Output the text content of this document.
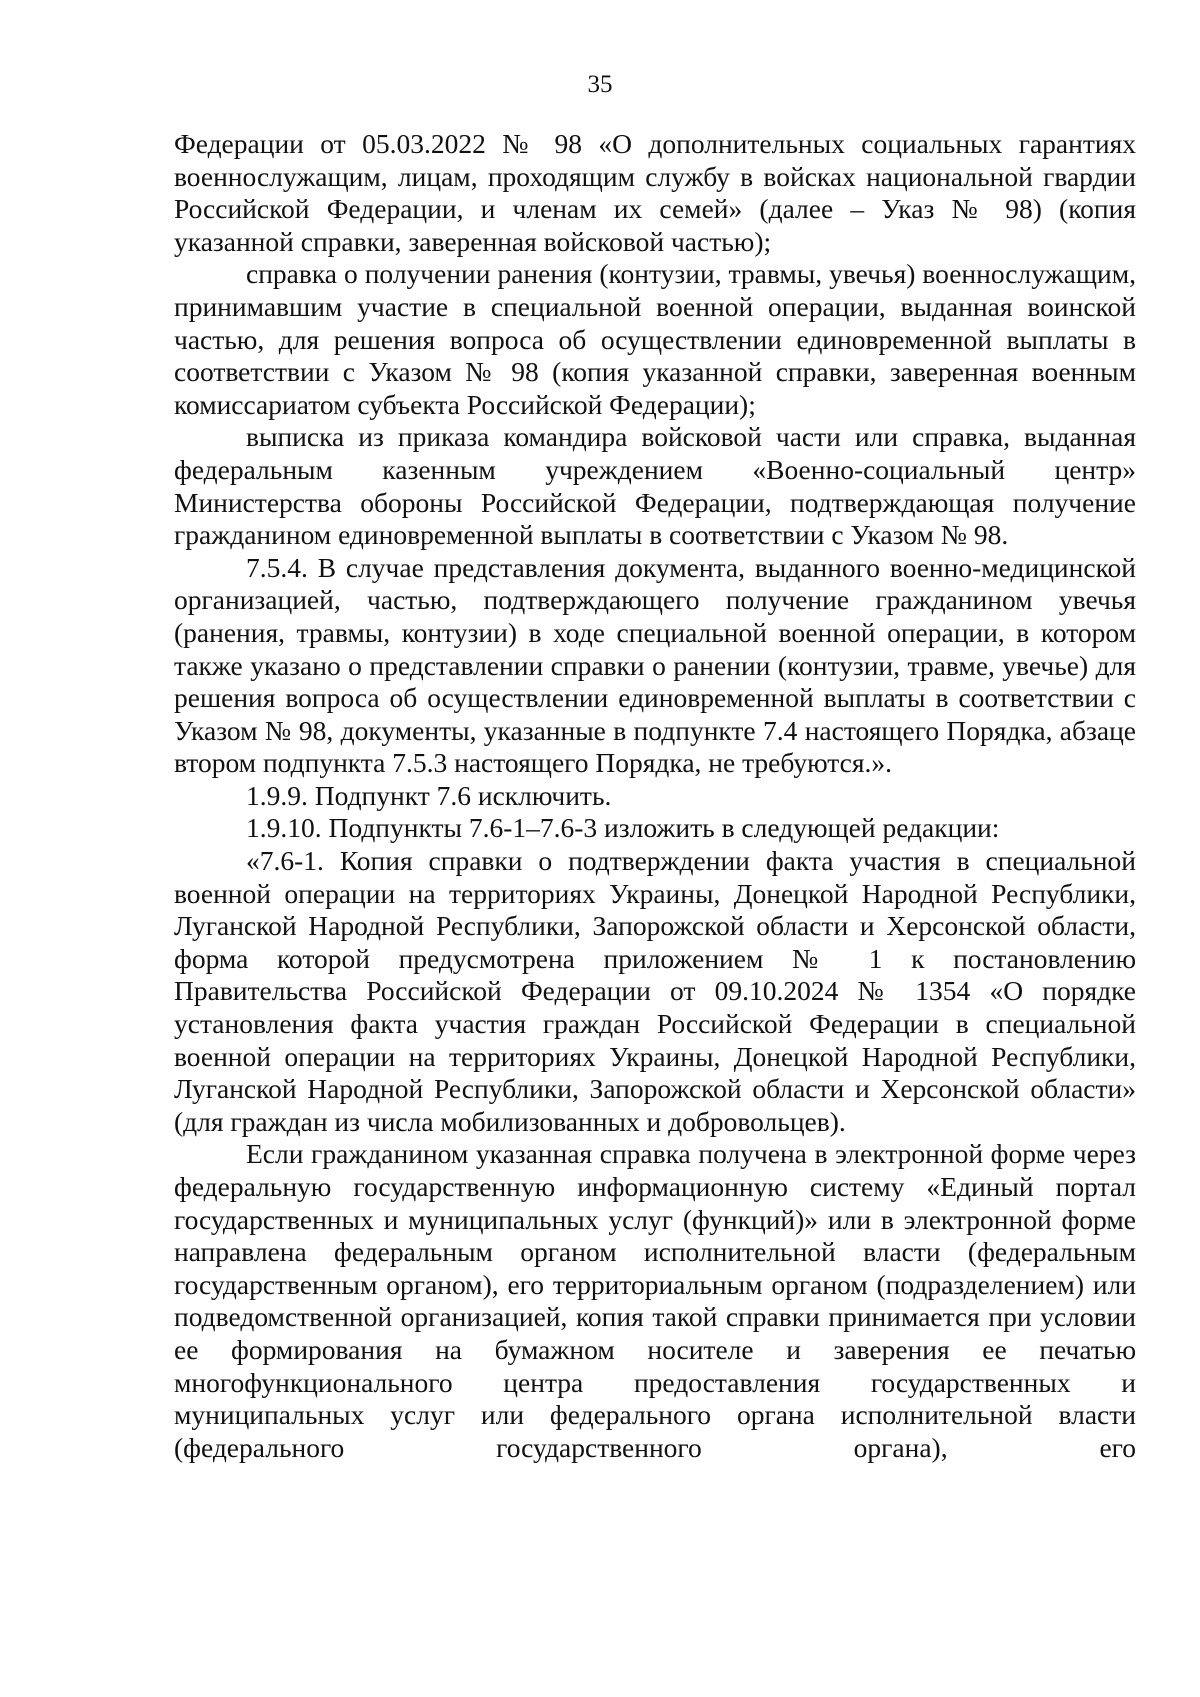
35

Федерации от 05.03.2022 № 98 «О дополнительных социальных гарантиях военнослужащим, лицам, проходящим службу в войсках национальной гвардии Российской Федерации, и членам их семей» (далее – Указ № 98) (копия указанной справки, заверенная войсковой частью);

справка о получении ранения (контузии, травмы, увечья) военнослужащим, принимавшим участие в специальной военной операции, выданная воинской частью, для решения вопроса об осуществлении единовременной выплаты в соответствии с Указом № 98 (копия указанной справки, заверенная военным комиссариатом субъекта Российской Федерации);

выписка из приказа командира войсковой части или справка, выданная федеральным казенным учреждением «Военно-социальный центр» Министерства обороны Российской Федерации, подтверждающая получение гражданином единовременной выплаты в соответствии с Указом № 98.

7.5.4. В случае представления документа, выданного военно-медицинской организацией, частью, подтверждающего получение гражданином увечья (ранения, травмы, контузии) в ходе специальной военной операции, в котором также указано о представлении справки о ранении (контузии, травме, увечье) для решения вопроса об осуществлении единовременной выплаты в соответствии с Указом № 98, документы, указанные в подпункте 7.4 настоящего Порядка, абзаце втором подпункта 7.5.3 настоящего Порядка, не требуются.».

1.9.9. Подпункт 7.6 исключить.

1.9.10. Подпункты 7.6-1–7.6-3 изложить в следующей редакции:

«7.6-1. Копия справки о подтверждении факта участия в специальной военной операции на территориях Украины, Донецкой Народной Республики, Луганской Народной Республики, Запорожской области и Херсонской области, форма которой предусмотрена приложением № 1 к постановлению Правительства Российской Федерации от 09.10.2024 № 1354 «О порядке установления факта участия граждан Российской Федерации в специальной военной операции на территориях Украины, Донецкой Народной Республики, Луганской Народной Республики, Запорожской области и Херсонской области» (для граждан из числа мобилизованных и добровольцев).

Если гражданином указанная справка получена в электронной форме через федеральную государственную информационную систему «Единый портал государственных и муниципальных услуг (функций)» или в электронной форме направлена федеральным органом исполнительной власти (федеральным государственным органом), его территориальным органом (подразделением) или подведомственной организацией, копия такой справки принимается при условии ее формирования на бумажном носителе и заверения ее печатью многофункционального центра предоставления государственных и муниципальных услуг или федерального органа исполнительной власти (федерального государственного органа), его
